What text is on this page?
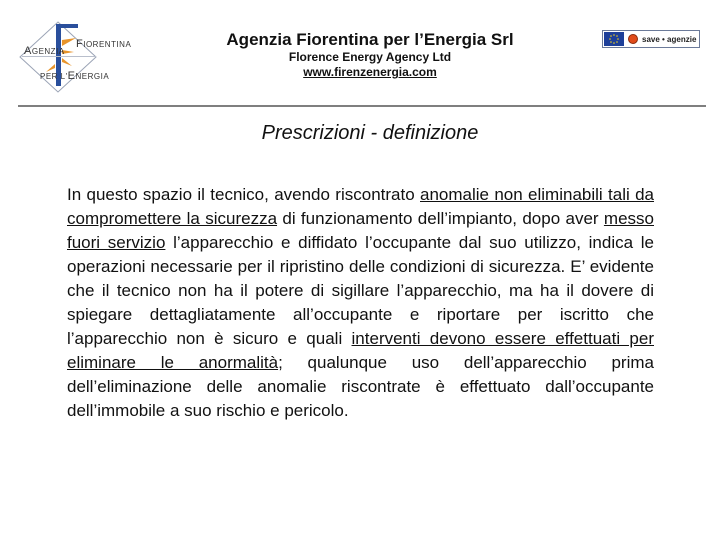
AGENZIA
FIORENTINA
PER L'ENERGIA
Agenzia Fiorentina per l’Energia Srl
Florence Energy Agency Ltd
www.firenzenergia.com
save • agenzie
Prescrizioni - definizione
In questo spazio il tecnico, avendo riscontrato anomalie non eliminabili tali da compromettere la sicurezza di funzionamento dell’impianto, dopo aver messo fuori servizio l’apparecchio e diffidato l’occupante dal suo utilizzo, indica le operazioni necessarie per il ripristino delle condizioni di sicurezza. E’ evidente che il tecnico non ha il potere di sigillare l’apparecchio, ma ha il dovere di spiegare dettagliatamente all’occupante e riportare per iscritto che l’apparecchio non è sicuro e quali interventi devono essere effettuati per eliminare le anormalità; qualunque uso dell’apparecchio prima dell’eliminazione delle anomalie riscontrate è effettuato dall’occupante dell’immobile a suo rischio e pericolo.
